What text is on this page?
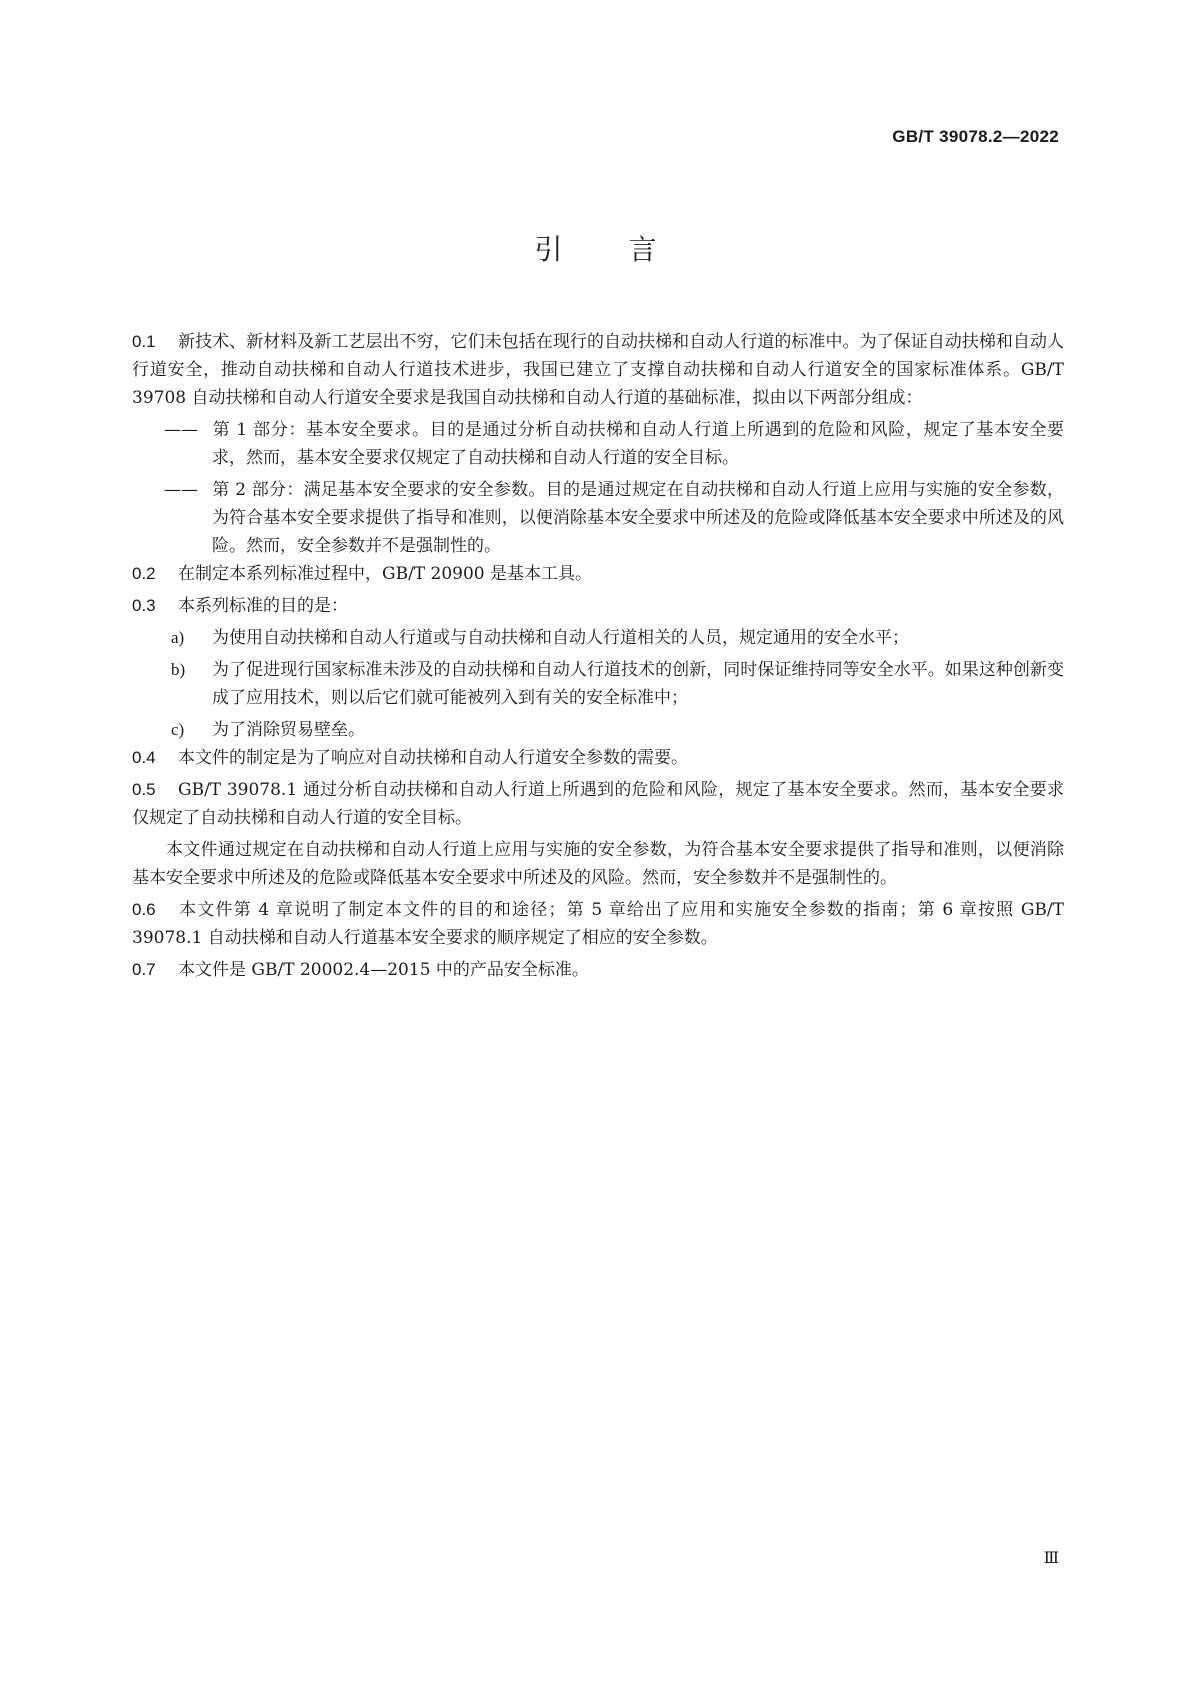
GB/T 39078.2—2022
引言

0.1 新技术、新材料及新工艺层出不穷，它们未包括在现行的自动扶梯和自动人行道的标准中。为了保证自动扶梯和自动人行道安全，推动自动扶梯和自动人行道技术进步，我国已建立了支撑自动扶梯和自动人行道安全的国家标准体系。GB/T 39708 自动扶梯和自动人行道安全要求是我国自动扶梯和自动人行道的基础标准，拟由以下两部分组成：

—— 第 1 部分：基本安全要求。目的是通过分析自动扶梯和自动人行道上所遇到的危险和风险，规定了基本安全要求，然而，基本安全要求仅规定了自动扶梯和自动人行道的安全目标。

—— 第 2 部分：满足基本安全要求的安全参数。目的是通过规定在自动扶梯和自动人行道上应用与实施的安全参数，为符合基本安全要求提供了指导和准则，以便消除基本安全要求中所述及的危险或降低基本安全要求中所述及的风险。然而，安全参数并不是强制性的。

0.2 在制定本系列标准过程中，GB/T 20900 是基本工具。

0.3 本系列标准的目的是：

a) 为使用自动扶梯和自动人行道或与自动扶梯和自动人行道相关的人员，规定通用的安全水平；

b) 为了促进现行国家标准未涉及的自动扶梯和自动人行道技术的创新，同时保证维持同等安全水平。如果这种创新变成了应用技术，则以后它们就可能被列入到有关的安全标准中；

c) 为了消除贸易壁垒。

0.4 本文件的制定是为了响应对自动扶梯和自动人行道安全参数的需要。

0.5 GB/T 39078.1 通过分析自动扶梯和自动人行道上所遇到的危险和风险，规定了基本安全要求。然而，基本安全要求仅规定了自动扶梯和自动人行道的安全目标。

本文件通过规定在自动扶梯和自动人行道上应用与实施的安全参数，为符合基本安全要求提供了指导和准则，以便消除基本安全要求中所述及的危险或降低基本安全要求中所述及的风险。然而，安全参数并不是强制性的。

0.6 本文件第 4 章说明了制定本文件的目的和途径；第 5 章给出了应用和实施安全参数的指南；第 6 章按照 GB/T 39078.1 自动扶梯和自动人行道基本安全要求的顺序规定了相应的安全参数。

0.7 本文件是 GB/T 20002.4—2015 中的产品安全标准。

Ⅲ
